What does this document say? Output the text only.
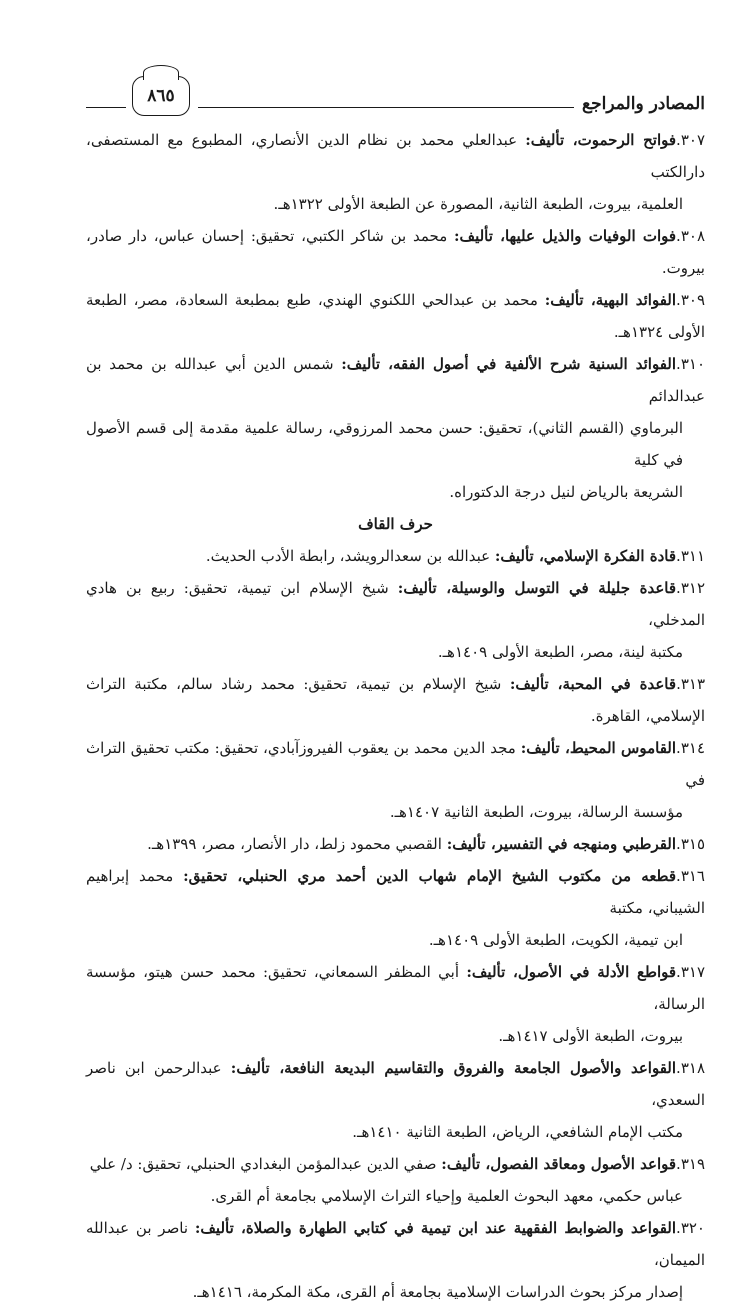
المصادر والمراجع
٨٦٥
٣٠٧.فواتح الرحموت، تأليف: عبدالعلي محمد بن نظام الدين الأنصاري، المطبوع مع المستصفى، دارالكتب
العلمية، بيروت، الطبعة الثانية، المصورة عن الطبعة الأولى ١٣٢٢هـ.
٣٠٨.فوات الوفيات والذيل عليها، تأليف: محمد بن شاكر الكتبي، تحقيق: إحسان عباس، دار صادر، بيروت.
٣٠٩.الفوائد البهية، تأليف: محمد بن عبدالحي اللكنوي الهندي، طبع بمطبعة السعادة، مصر، الطبعة الأولى ١٣٢٤هـ.
٣١٠.الفوائد السنية شرح الألفية في أصول الفقه، تأليف: شمس الدين أبي عبدالله بن محمد بن عبدالدائم
البرماوي (القسم الثاني)، تحقيق: حسن محمد المرزوقي، رسالة علمية مقدمة إلى قسم الأصول في كلية
الشريعة بالرياض لنيل درجة الدكتوراه.
حرف القاف
٣١١.قادة الفكرة الإسلامي، تأليف: عبدالله بن سعدالرويشد، رابطة الأدب الحديث.
٣١٢.قاعدة جليلة في التوسل والوسيلة، تأليف: شيخ الإسلام ابن تيمية، تحقيق: ربيع بن هادي المدخلي،
مكتبة لينة، مصر، الطبعة الأولى ١٤٠٩هـ.
٣١٣.قاعدة في المحبة، تأليف: شيخ الإسلام بن تيمية، تحقيق: محمد رشاد سالم، مكتبة التراث الإسلامي، القاهرة.
٣١٤.القاموس المحيط، تأليف: مجد الدين محمد بن يعقوب الفيروزآبادي، تحقيق: مكتب تحقيق التراث في
مؤسسة الرسالة، بيروت، الطبعة الثانية ١٤٠٧هـ.
٣١٥.القرطبي ومنهجه في التفسير، تأليف: القصبي محمود زلط، دار الأنصار، مصر، ١٣٩٩هـ.
٣١٦.قطعه من مكتوب الشيخ الإمام شهاب الدين أحمد مري الحنبلي، تحقيق: محمد إبراهيم الشيباني، مكتبة
ابن تيمية، الكويت، الطبعة الأولى ١٤٠٩هـ.
٣١٧.قواطع الأدلة في الأصول، تأليف: أبي المظفر السمعاني، تحقيق: محمد حسن هيتو، مؤسسة الرسالة،
بيروت، الطبعة الأولى ١٤١٧هـ.
٣١٨.القواعد والأصول الجامعة والفروق والتقاسيم البديعة النافعة، تأليف: عبدالرحمن ابن ناصر السعدي،
مكتب الإمام الشافعي، الرياض، الطبعة الثانية ١٤١٠هـ.
٣١٩.قواعد الأصول ومعاقد الفصول، تأليف: صفي الدين عبدالمؤمن البغدادي الحنبلي، تحقيق: د/ علي
عباس حكمي، معهد البحوث العلمية وإحياء التراث الإسلامي بجامعة أم القرى.
٣٢٠.القواعد والضوابط الفقهية عند ابن تيمية في كتابي الطهارة والصلاة، تأليف: ناصر بن عبدالله الميمان،
إصدار مركز بحوث الدراسات الإسلامية بجامعة أم القرى، مكة المكرمة، ١٤١٦هـ.
